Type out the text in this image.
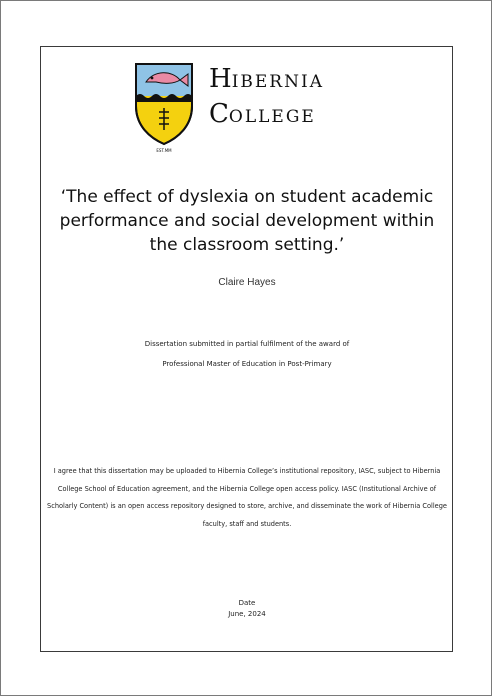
EST.MM
HIBERNIA
COLLEGE
‘The effect of dyslexia on student academic performance and social development within the classroom setting.’
Claire Hayes
Dissertation submitted in partial fulfilment of the award of
Professional Master of Education in Post-Primary
I agree that this dissertation may be uploaded to Hibernia College’s institutional repository, IASC, subject to Hibernia College School of Education agreement, and the Hibernia College open access policy. IASC (Institutional Archive of Scholarly Content) is an open access repository designed to store, archive, and disseminate the work of Hibernia College faculty, staff and students.
Date
June, 2024
